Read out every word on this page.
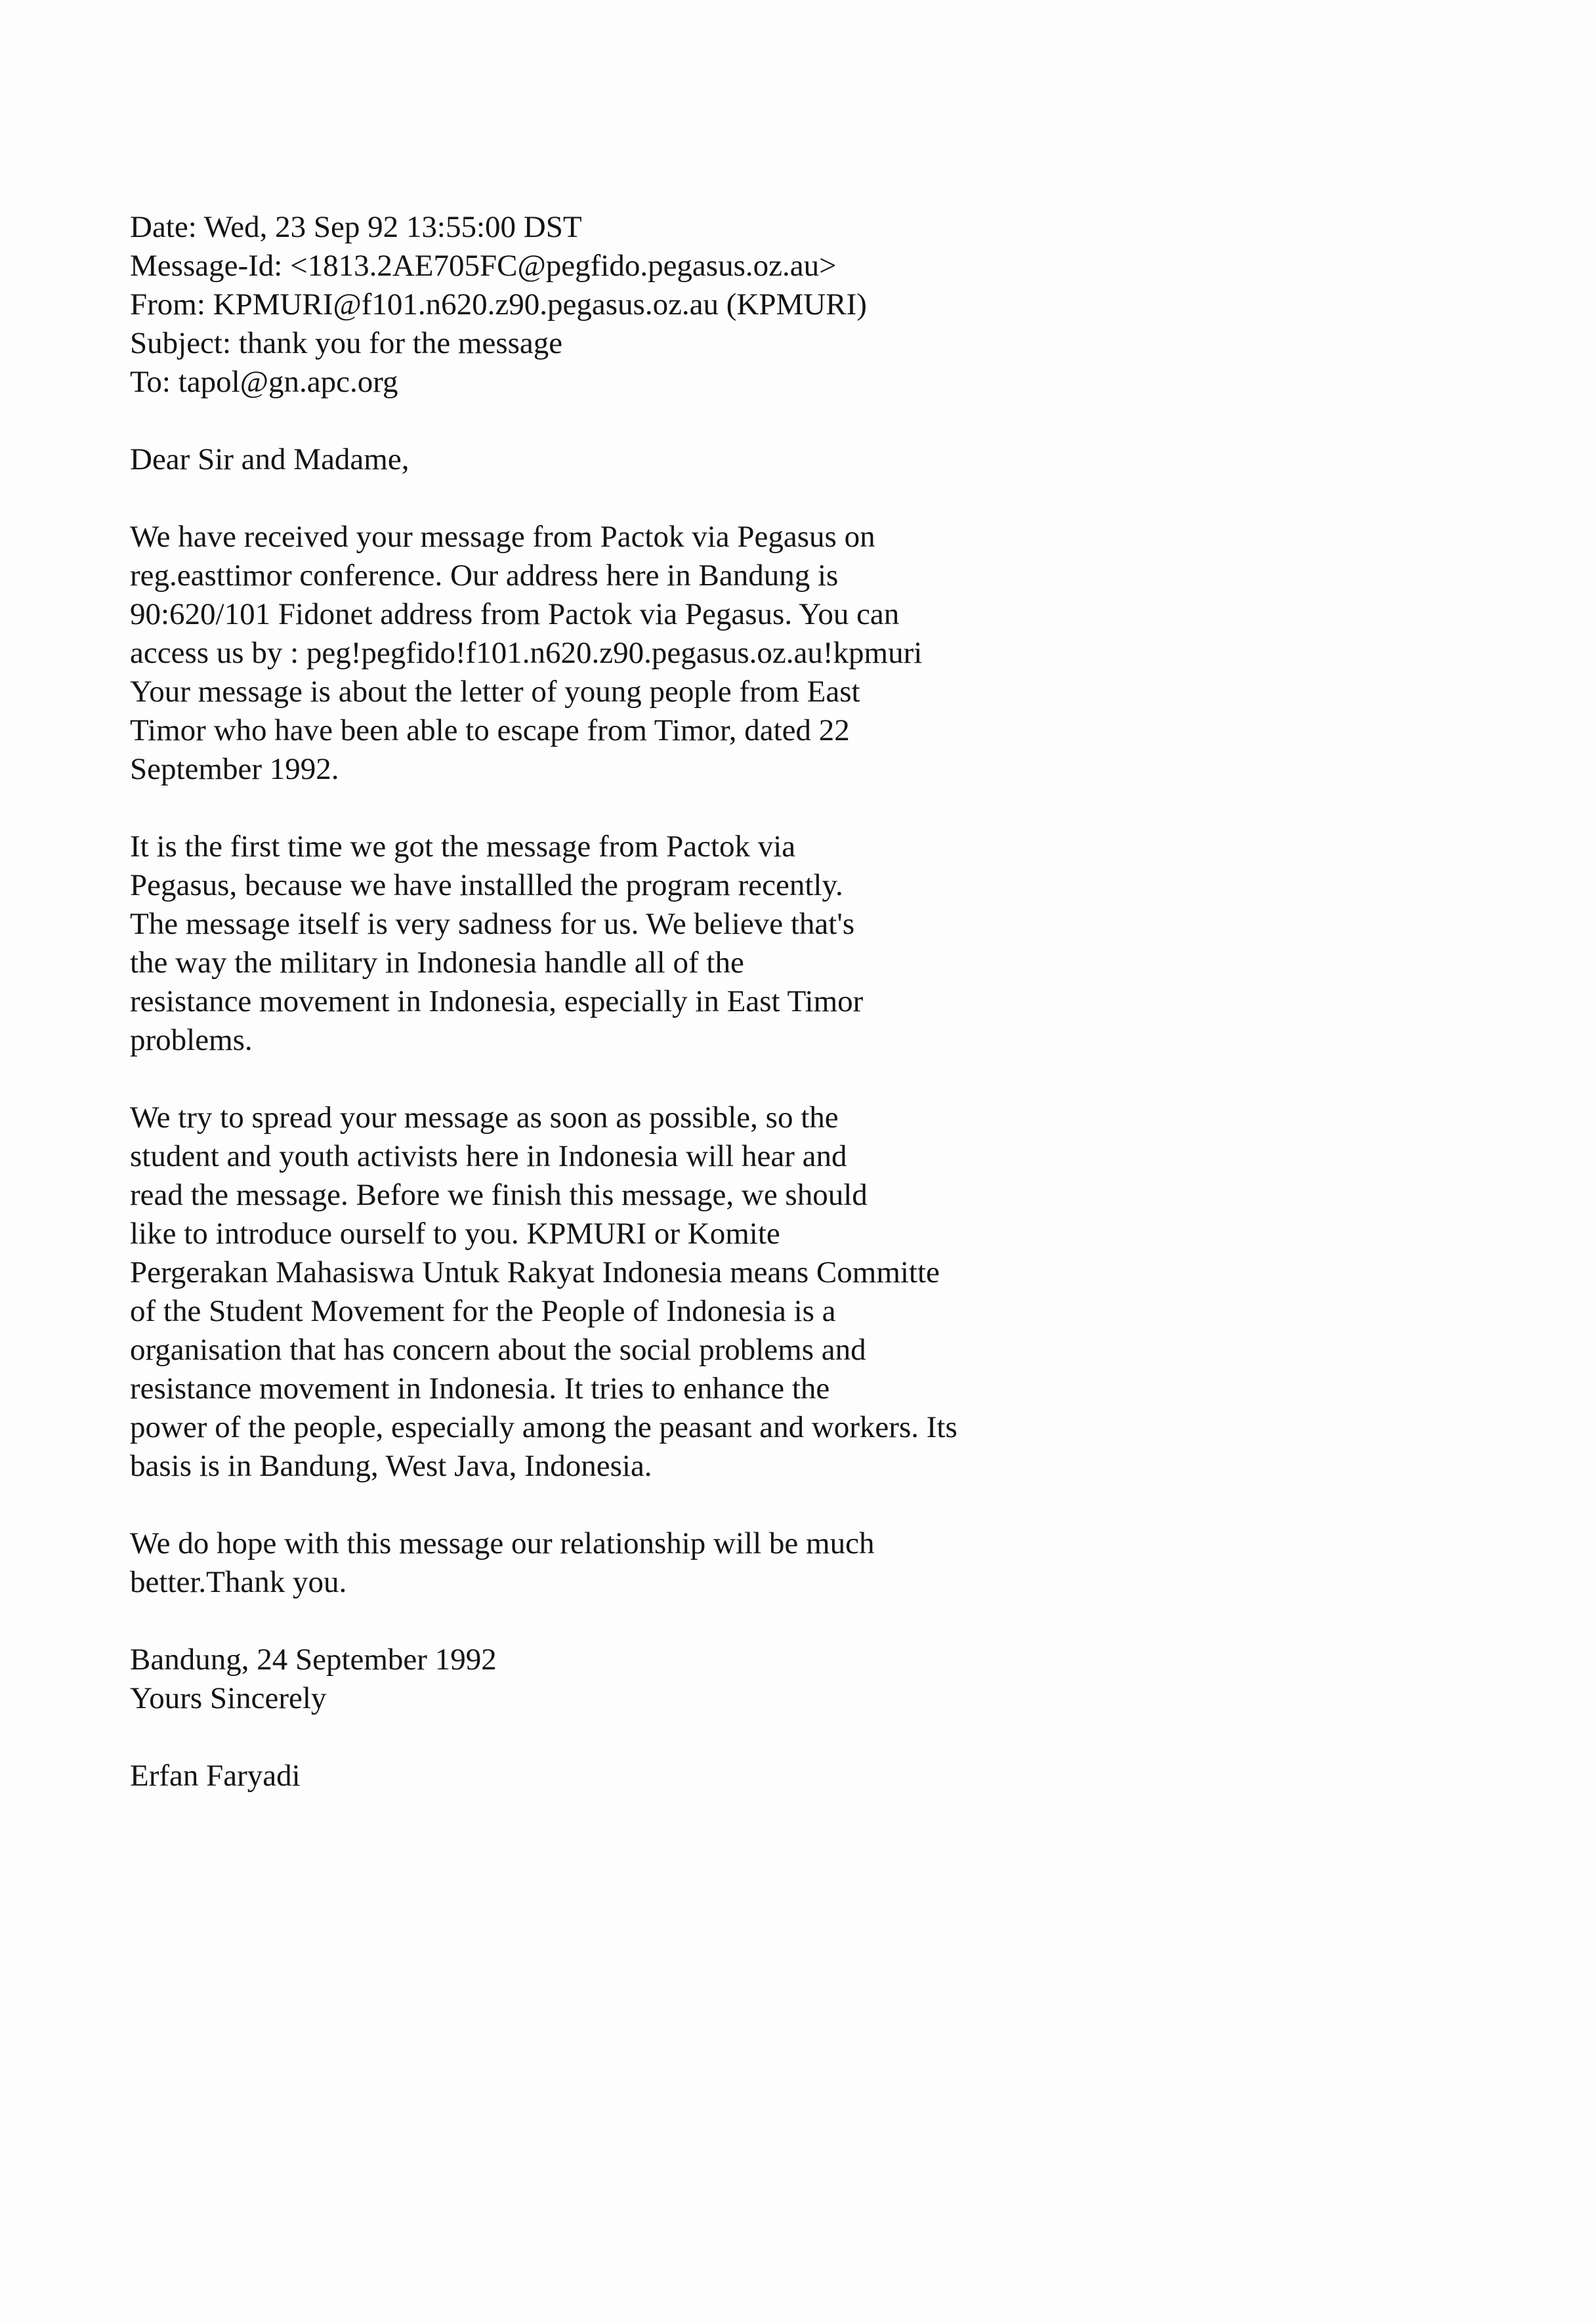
Date: Wed, 23 Sep 92 13:55:00 DST
Message-Id: <1813.2AE705FC@pegfido.pegasus.oz.au>
From: KPMURI@f101.n620.z90.pegasus.oz.au (KPMURI)
Subject: thank you for the message
To: tapol@gn.apc.org
Dear Sir and Madame,
We have received your message from Pactok via Pegasus on
reg.easttimor conference. Our address here in Bandung is
90:620/101 Fidonet address from Pactok via Pegasus. You can
access us by : peg!pegfido!f101.n620.z90.pegasus.oz.au!kpmuri
Your message is about the letter of young people from East
Timor who have been able to escape from Timor, dated 22
September 1992.
It is the first time we got the message from Pactok via
Pegasus, because we have installled the program recently.
The message itself is very sadness for us. We believe that's
the way the military in Indonesia handle all of the
resistance movement in Indonesia, especially in East Timor
problems.
We try to spread your message as soon as possible, so the
student and youth activists here in Indonesia will hear and
read the message. Before we finish this message, we should
like to introduce ourself to you. KPMURI or Komite
Pergerakan Mahasiswa Untuk Rakyat Indonesia means Committe
of the Student Movement for the People of Indonesia is a
organisation that has concern about the social problems and
resistance movement in Indonesia. It tries to enhance the
power of the people, especially among the peasant and workers. Its
basis is in Bandung, West Java, Indonesia.
We do hope with this message our relationship will be much
better.Thank you.
Bandung, 24 September 1992
Yours Sincerely
Erfan Faryadi
